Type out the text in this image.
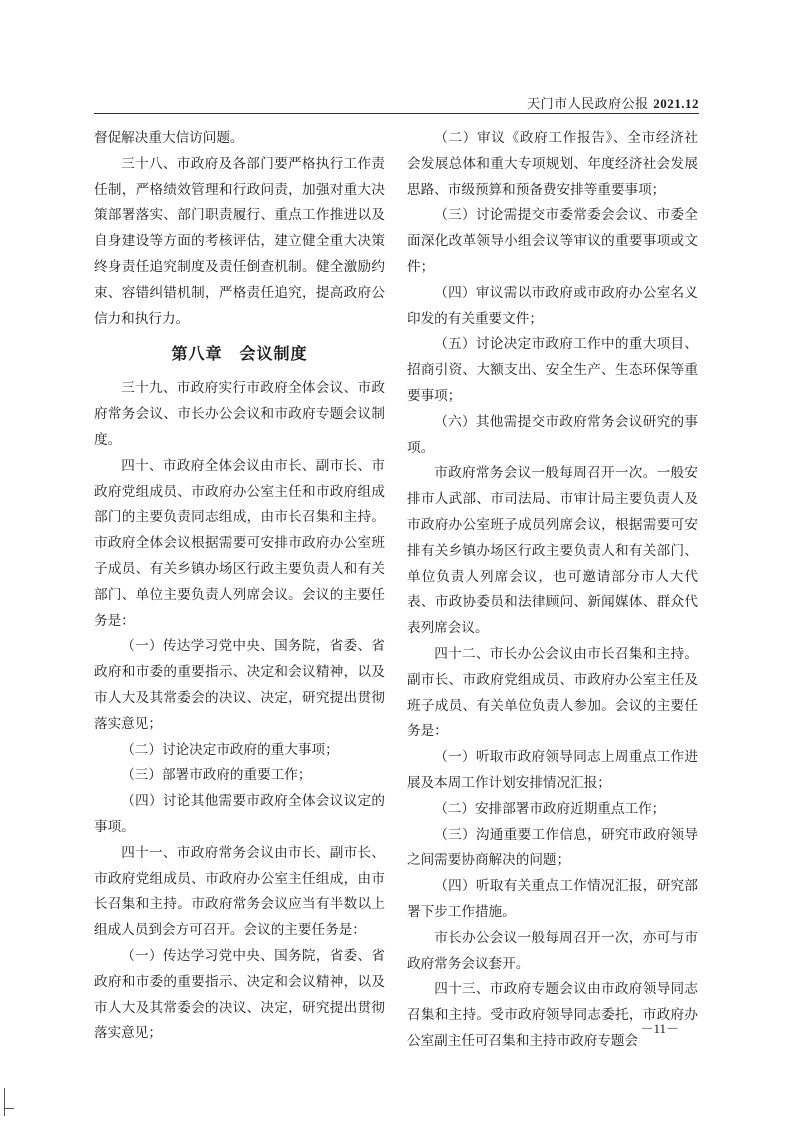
天门市人民政府公报 2021.12

督促解决重大信访问题。

三十八、市政府及各部门要严格执行工作责任制，严格绩效管理和行政问责，加强对重大决策部署落实、部门职责履行、重点工作推进以及自身建设等方面的考核评估，建立健全重大决策终身责任追究制度及责任倒查机制。健全激励约束、容错纠错机制，严格责任追究，提高政府公信力和执行力。

第八章　会议制度

三十九、市政府实行市政府全体会议、市政府常务会议、市长办公会议和市政府专题会议制度。

四十、市政府全体会议由市长、副市长、市政府党组成员、市政府办公室主任和市政府组成部门的主要负责同志组成，由市长召集和主持。市政府全体会议根据需要可安排市政府办公室班子成员、有关乡镇办场区行政主要负责人和有关部门、单位主要负责人列席会议。会议的主要任务是：

（一）传达学习党中央、国务院，省委、省政府和市委的重要指示、决定和会议精神，以及市人大及其常委会的决议、决定，研究提出贯彻落实意见；

（二）讨论决定市政府的重大事项；

（三）部署市政府的重要工作；

（四）讨论其他需要市政府全体会议议定的事项。

四十一、市政府常务会议由市长、副市长、市政府党组成员、市政府办公室主任组成，由市长召集和主持。市政府常务会议应当有半数以上组成人员到会方可召开。会议的主要任务是：

（一）传达学习党中央、国务院，省委、省政府和市委的重要指示、决定和会议精神，以及市人大及其常委会的决议、决定，研究提出贯彻落实意见；

（二）审议《政府工作报告》、全市经济社会发展总体和重大专项规划、年度经济社会发展思路、市级预算和预备费安排等重要事项；

（三）讨论需提交市委常委会会议、市委全面深化改革领导小组会议等审议的重要事项或文件；

（四）审议需以市政府或市政府办公室名义印发的有关重要文件；

（五）讨论决定市政府工作中的重大项目、招商引资、大额支出、安全生产、生态环保等重要事项；

（六）其他需提交市政府常务会议研究的事项。

市政府常务会议一般每周召开一次。一般安排市人武部、市司法局、市审计局主要负责人及市政府办公室班子成员列席会议，根据需要可安排有关乡镇办场区行政主要负责人和有关部门、单位负责人列席会议，也可邀请部分市人大代表、市政协委员和法律顾问、新闻媒体、群众代表列席会议。

四十二、市长办公会议由市长召集和主持。副市长、市政府党组成员、市政府办公室主任及班子成员、有关单位负责人参加。会议的主要任务是：

（一）听取市政府领导同志上周重点工作进展及本周工作计划安排情况汇报；

（二）安排部署市政府近期重点工作；

（三）沟通重要工作信息，研究市政府领导之间需要协商解决的问题；

（四）听取有关重点工作情况汇报，研究部署下步工作措施。

市长办公会议一般每周召开一次，亦可与市政府常务会议套开。

四十三、市政府专题会议由市政府领导同志召集和主持。受市政府领导同志委托，市政府办公室副主任可召集和主持市政府专题会

－11－
